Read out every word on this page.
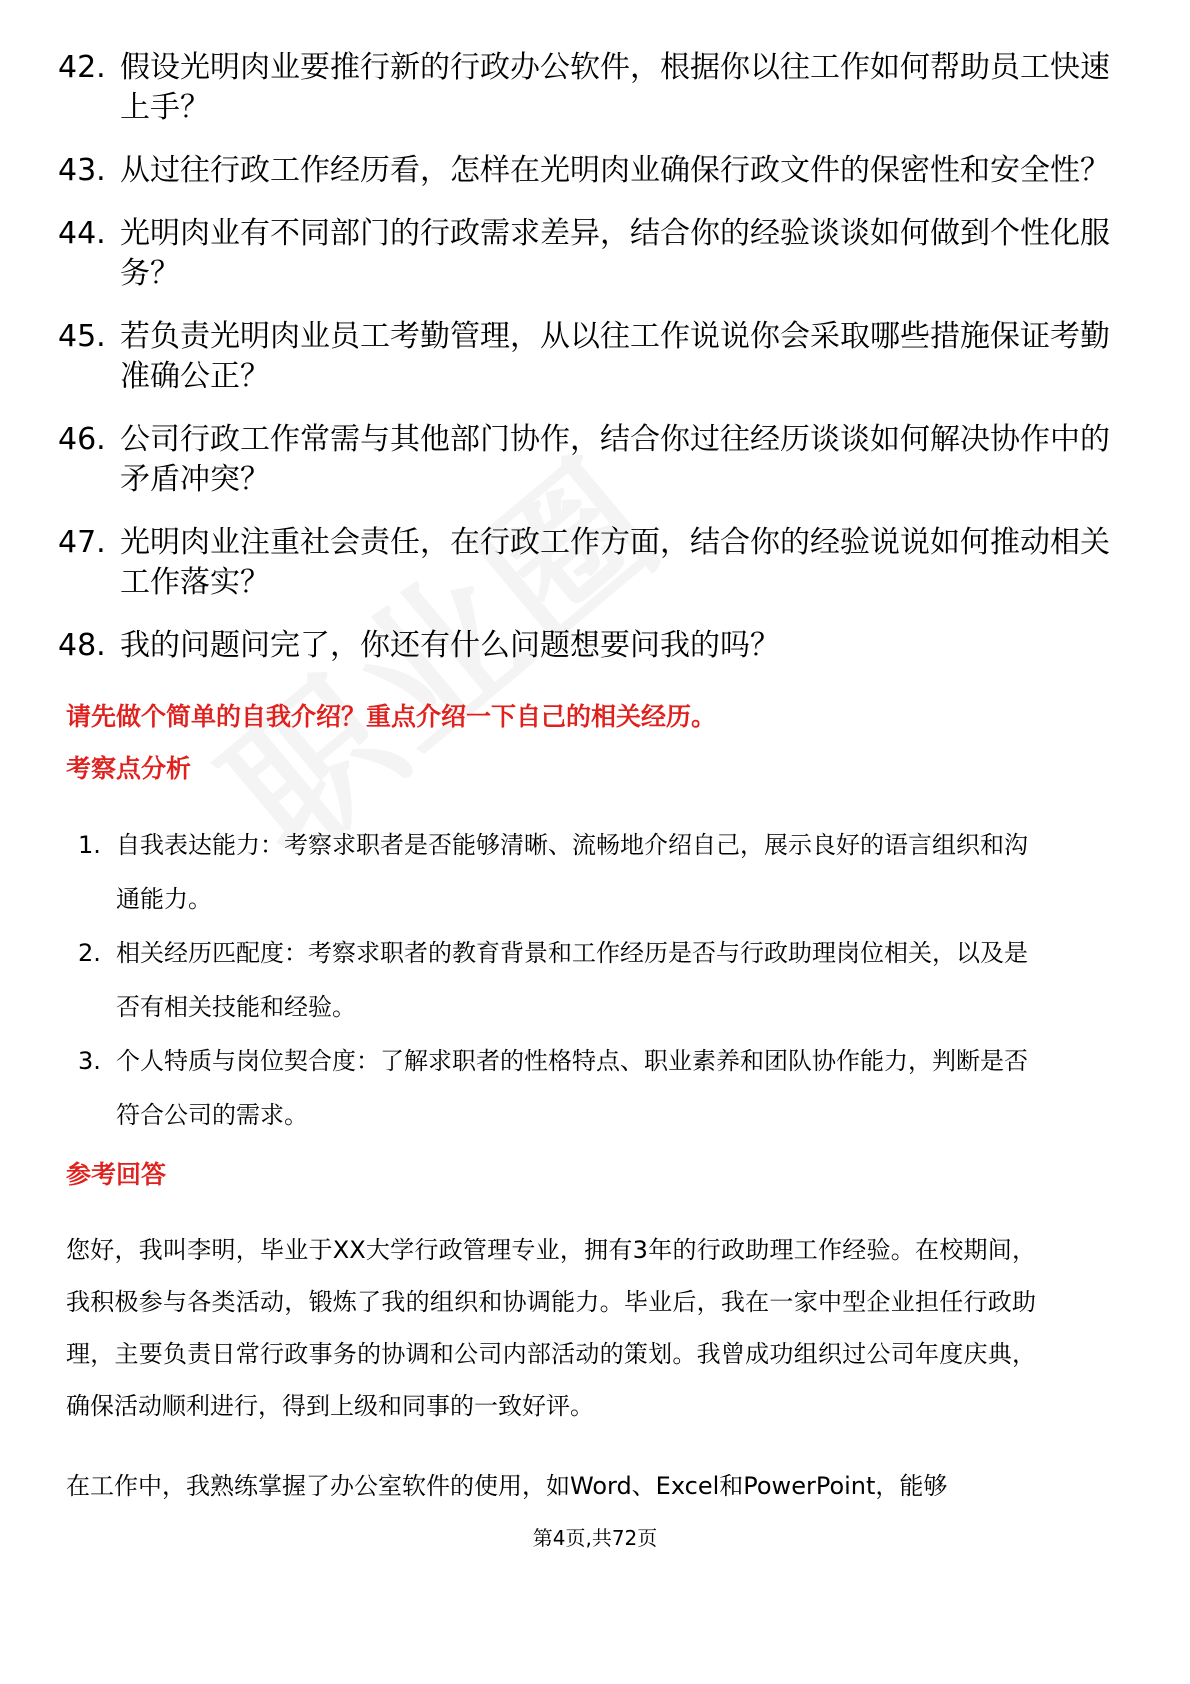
42. 假设光明肉业要推行新的行政办公软件，根据你以往工作如何帮助员工快速上手？
43. 从过往行政工作经历看，怎样在光明肉业确保行政文件的保密性和安全性？
44. 光明肉业有不同部门的行政需求差异，结合你的经验谈谈如何做到个性化服务？
45. 若负责光明肉业员工考勤管理，从以往工作说说你会采取哪些措施保证考勤准确公正？
46. 公司行政工作常需与其他部门协作，结合你过往经历谈谈如何解决协作中的矛盾冲突？
47. 光明肉业注重社会责任，在行政工作方面，结合你的经验说说如何推动相关工作落实？
48. 我的问题问完了，你还有什么问题想要问我的吗？
请先做个简单的自我介绍？重点介绍一下自己的相关经历。
考察点分析
1. 自我表达能力：考察求职者是否能够清晰、流畅地介绍自己，展示良好的语言组织和沟通能力。
2. 相关经历匹配度：考察求职者的教育背景和工作经历是否与行政助理岗位相关，以及是否有相关技能和经验。
3. 个人特质与岗位契合度：了解求职者的性格特点、职业素养和团队协作能力，判断是否符合公司的需求。
参考回答

您好，我叫李明，毕业于XX大学行政管理专业，拥有3年的行政助理工作经验。在校期间，我积极参与各类活动，锻炼了我的组织和协调能力。毕业后，我在一家中型企业担任行政助理，主要负责日常行政事务的协调和公司内部活动的策划。我曾成功组织过公司年度庆典，确保活动顺利进行，得到上级和同事的一致好评。

在工作中，我熟练掌握了办公室软件的使用，如Word、Excel和PowerPoint，能够

第4页,共72页
